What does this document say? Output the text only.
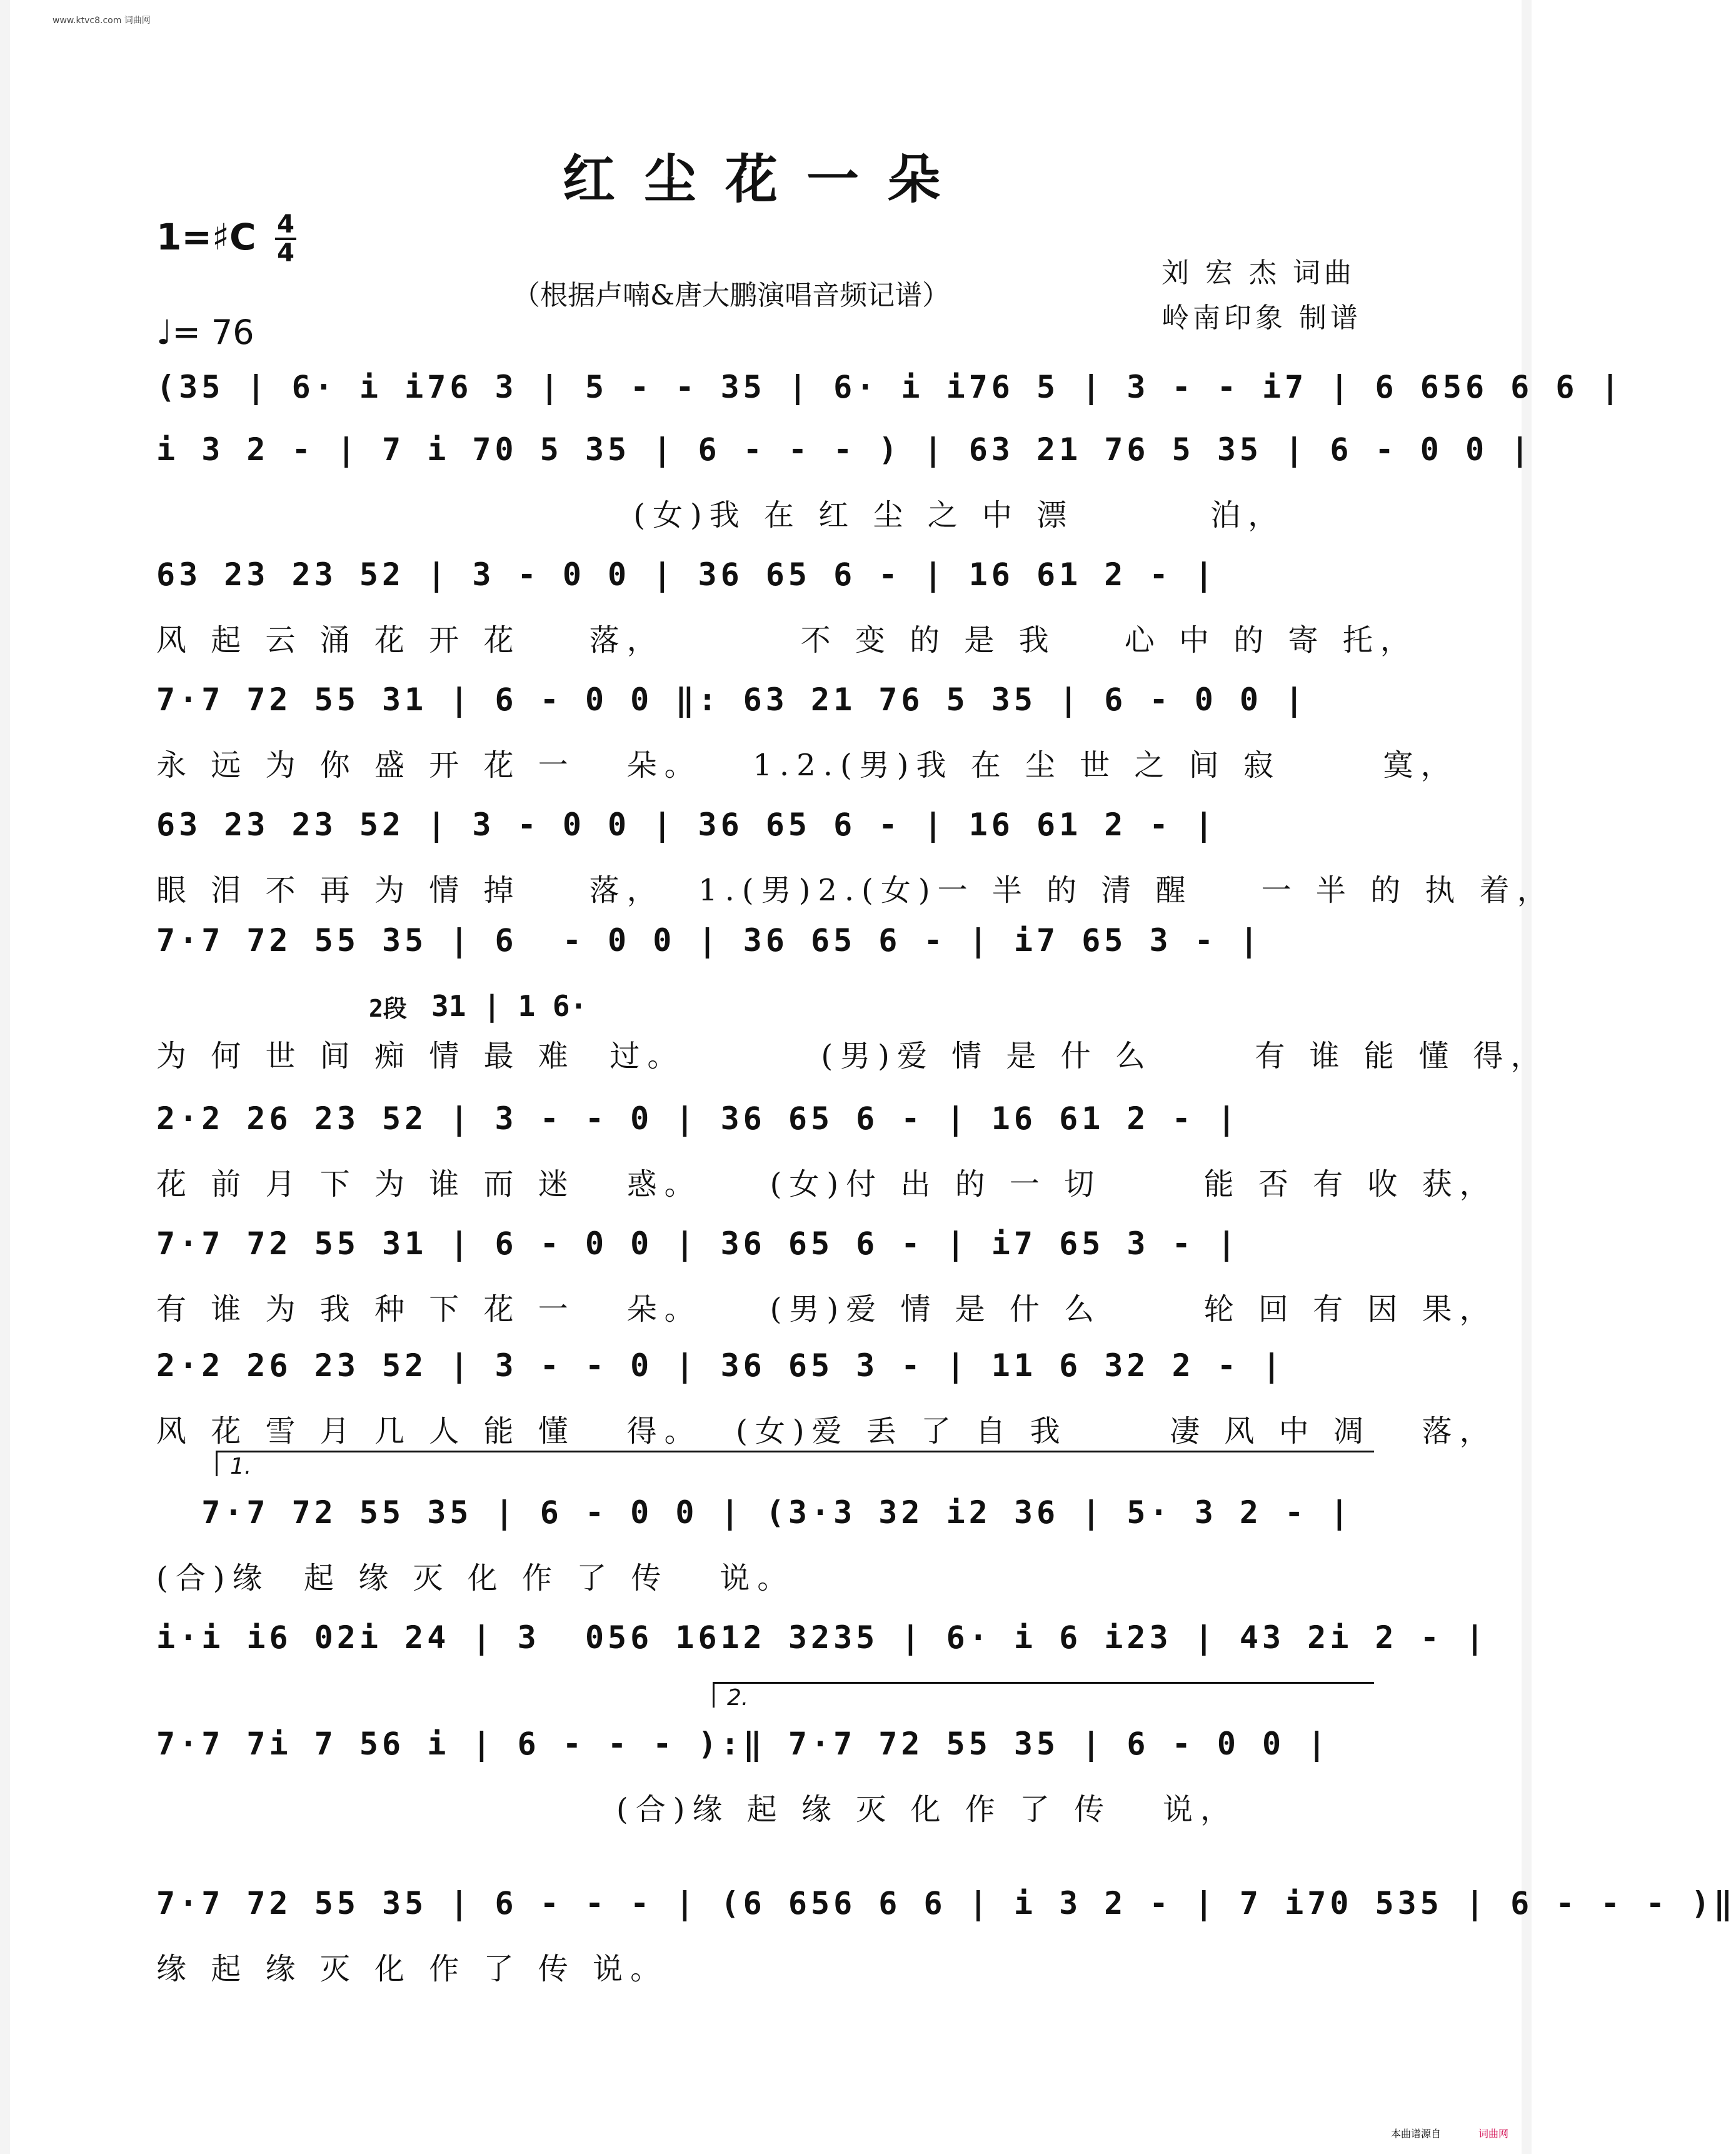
www.ktvc8.com 词曲网
红尘花一朵
1=♯C 4
4
（根据卢喃&唐大鹏演唱音频记谱）
刘 宏 杰 词曲
岭南印象 制谱
♩= 76
(35 | 6· i i76 3 | 5 - - 35 | 6· i i76 5 | 3 - - i7 | 6 656 6 6 |
i 3 2 - | 7 i 70 5 35 | 6 - - - ) | 63 21 76 5 35 | 6 - 0 0 |
(女)我 在 红 尘 之 中 漂        泊，
63 23 23 52 | 3 - 0 0 | 36 65 6 - | 16 61 2 - |
风 起 云 涌 花 开 花    落，        不 变 的 是 我    心 中 的 寄 托，
7·7 72 55 31 | 6 - 0 0 ‖: 63 21 76 5 35 | 6 - 0 0 |
永 远 为 你 盛 开 花 一   朵。   1.2.(男)我 在 尘 世 之 间 寂      寞，
63 23 23 52 | 3 - 0 0 | 36 65 6 - | 16 61 2 - |
眼 泪 不 再 为 情 掉    落，  1.(男)2.(女)一 半 的 清 醒    一 半 的 执 着，
7·7 72 55 35 | 6  - 0 0 | 36 65 6 - | i7 65 3 - |
为 何 世 间 痴 情 最 难  过。        (男)爱 情 是 什 么      有 谁 能 懂 得，
2·2 26 23 52 | 3 - - 0 | 36 65 6 - | 16 61 2 - |
花 前 月 下 为 谁 而 迷   惑。    (女)付 出 的 一 切      能 否 有 收 获，
7·7 72 55 31 | 6 - 0 0 | 36 65 6 - | i7 65 3 - |
有 谁 为 我 种 下 花 一   朵。    (男)爱 情 是 什 么      轮 回 有 因 果，
2·2 26 23 52 | 3 - - 0 | 36 65 3 - | 11 6 32 2 - |
风 花 雪 月 几 人 能 懂   得。  (女)爱 丢 了 自 我      凄 风 中 凋   落，
7·7 72 55 35 | 6 - 0 0 | (3·3 32 i2 36 | 5· 3 2 - |
(合)缘  起 缘 灭 化 作 了 传   说。
i·i i6 02i 24 | 3  056 1612 3235 | 6· i 6 i23 | 43 2i 2 - |
7·7 7i 7 56 i | 6 - - - ):‖ 7·7 72 55 35 | 6 - 0 0 |
(合)缘 起 缘 灭 化 作 了 传   说，
7·7 72 55 35 | 6 - - - | (6 656 6 6 | i 3 2 - | 7 i70 535 | 6 - - - )‖
缘 起 缘 灭 化 作 了 传 说。
2段 31 | 1 6·
1.
2.
本曲谱源自	词曲网
